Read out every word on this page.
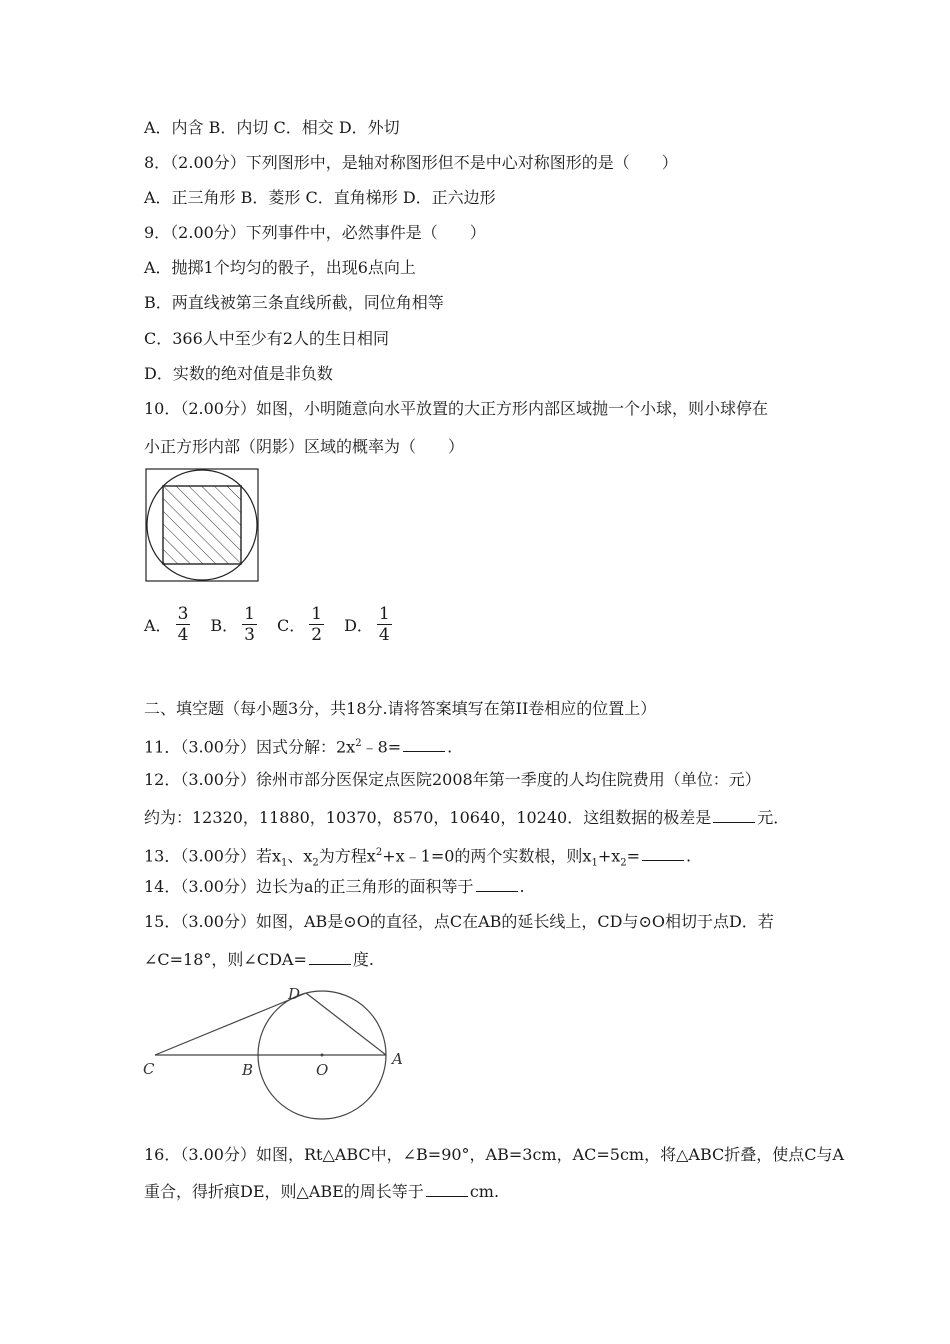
A．内含 B．内切 C．相交 D．外切
8．（2.00分）下列图形中，是轴对称图形但不是中心对称图形的是（　　）
A．正三角形 B．菱形 C．直角梯形 D．正六边形
9．（2.00分）下列事件中，必然事件是（　　）
A．抛掷1个均匀的骰子，出现6点向上
B．两直线被第三条直线所截，同位角相等
C．366人中至少有2人的生日相同
D．实数的绝对值是非负数
10．（2.00分）如图，小明随意向水平放置的大正方形内部区域抛一个小球，则小球停在
小正方形内部（阴影）区域的概率为（　　）
A． $\frac{3}{4}$ B． $\frac{1}{3}$ C． $\frac{1}{2}$ D． $\frac{1}{4}$
二、填空题（每小题3分，共18分.请将答案填写在第II卷相应的位置上）
11．（3.00分）因式分解：$2x^2﹣8=$	.
12．（3.00分）徐州市部分医保定点医院2008年第一季度的人均住院费用（单位：元）
约为：12320，11880，10370，8570，10640，10240．这组数据的极差是	元．
13．（3.00分）若$x_1$、$x_2$为方程$x^2+x﹣1=0$的两个实数根，则$x_1+x_2=$	.
14．（3.00分）边长为a的正三角形的面积等于	.
15．（3.00分）如图，AB是⊙O的直径，点C在AB的延长线上，CD与⊙O相切于点D．若
∠C=18°，则∠CDA=	度.
C	B	O
A
D
16．（3.00分）如图，Rt△ABC中，∠B=90°，AB=3cm，AC=5cm，将△ABC折叠，使点C与A
重合，得折痕DE，则△ABE的周长等于	cm.
